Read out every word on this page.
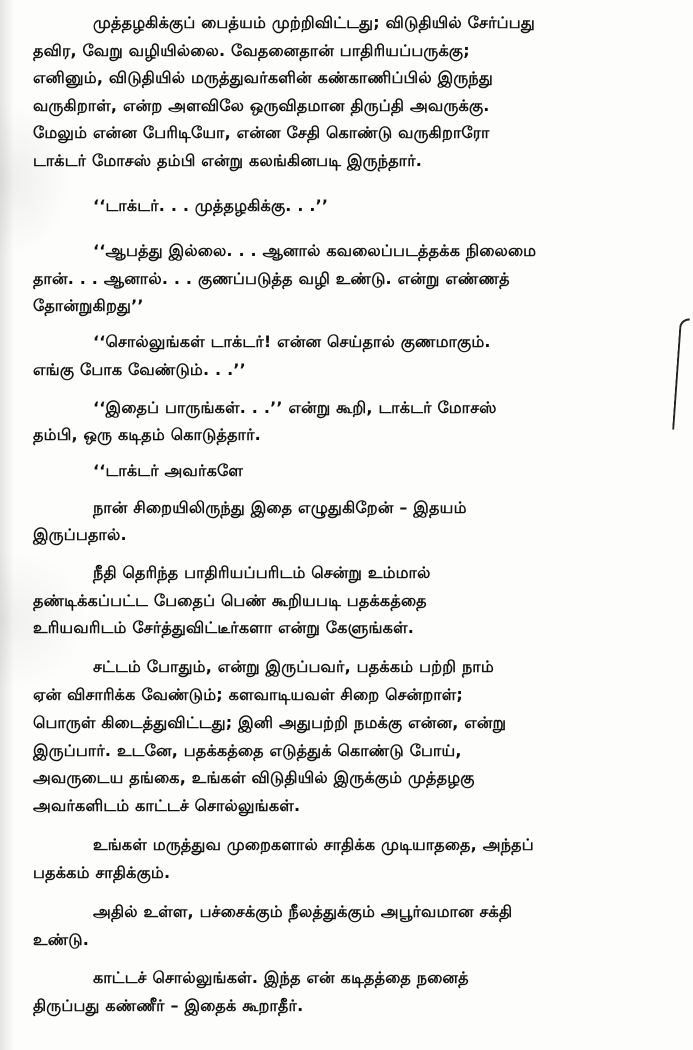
முத்தழகிக்குப் பைத்யம் முற்றிவிட்டது; விடுதியில் சேர்ப்பது
தவிர, வேறு வழியில்லை. வேதனைதான் பாதிரியப்பருக்கு;
எனினும், விடுதியில் மருத்துவர்களின் கண்காணிப்பில் இருந்து
வருகிறாள், என்ற அளவிலே ஒருவிதமான திருப்தி அவருக்கு.
மேலும் என்ன பேரிடியோ, என்ன சேதி கொண்டு வருகிறாரோ
டாக்டர் மோசஸ் தம்பி என்று கலங்கினபடி இருந்தார்.
‘‘டாக்டர். . . முத்தழகிக்கு. . .’’
‘‘ஆபத்து இல்லை. . . ஆனால் கவலைப்படத்தக்க நிலைமை
தான். . . ஆனால். . . குணப்படுத்த வழி உண்டு. என்று எண்ணத்
தோன்றுகிறது’’
‘‘சொல்லுங்கள் டாக்டர்! என்ன செய்தால் குணமாகும்.
எங்கு போக வேண்டும். . .’’
‘‘இதைப் பாருங்கள். . .’’ என்று கூறி, டாக்டர் மோசஸ்
தம்பி, ஒரு கடிதம் கொடுத்தார்.
‘‘டாக்டர் அவர்களே
நான் சிறையிலிருந்து இதை எழுதுகிறேன் – இதயம்
இருப்பதால்.
நீதி தெரிந்த பாதிரியப்பரிடம் சென்று உம்மால்
தண்டிக்கப்பட்ட பேதைப் பெண் கூறியபடி பதக்கத்தை
உரியவரிடம் சேர்த்துவிட்டீர்களா என்று கேளுங்கள்.
சட்டம் போதும், என்று இருப்பவர், பதக்கம் பற்றி நாம்
ஏன் விசாரிக்க வேண்டும்; களவாடியவள் சிறை சென்றாள்;
பொருள் கிடைத்துவிட்டது; இனி அதுபற்றி நமக்கு என்ன, என்று
இருப்பார். உடனே, பதக்கத்தை எடுத்துக் கொண்டு போய்,
அவருடைய தங்கை, உங்கள் விடுதியில் இருக்கும் முத்தழகு
அவர்களிடம் காட்டச் சொல்லுங்கள்.
உங்கள் மருத்துவ முறைகளால் சாதிக்க முடியாததை, அந்தப்
பதக்கம் சாதிக்கும்.
அதில் உள்ள, பச்சைக்கும் நீலத்துக்கும் அபூர்வமான சக்தி
உண்டு.
காட்டச் சொல்லுங்கள். இந்த என் கடிதத்தை நனைத்
திருப்பது கண்ணீர் – இதைக் கூறாதீர்.
